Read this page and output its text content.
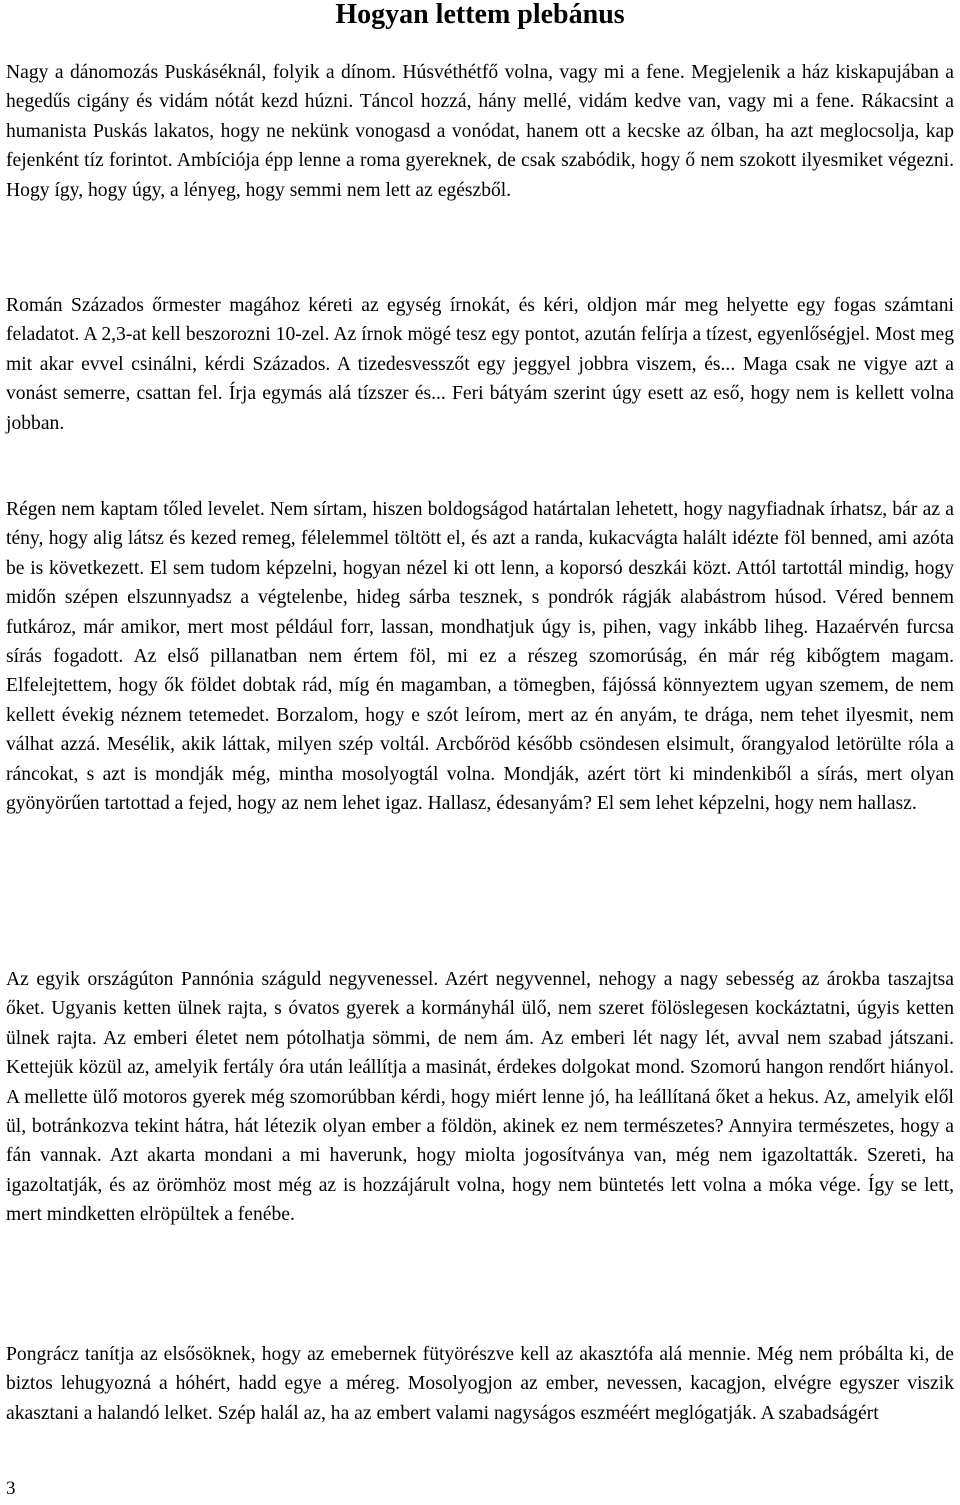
Hogyan lettem plebánus

Nagy a dánomozás Puskáséknál, folyik a dínom. Húsvéthétfő volna, vagy mi a fene. Megjelenik a ház kiskapujában a hegedűs cigány és vidám nótát kezd húzni. Táncol hozzá, hány mellé, vidám kedve van, vagy mi a fene. Rákacsint a humanista Puskás lakatos, hogy ne nekünk vonogasd a vonódat, hanem ott a kecske az ólban, ha azt meglocsolja, kap fejenként tíz forintot. Ambíciója épp lenne a roma gyereknek, de csak szabódik, hogy ő nem szokott ilyesmiket végezni. Hogy így, hogy úgy, a lényeg, hogy semmi nem lett az egészből.

Román Százados őrmester magához kéreti az egység írnokát, és kéri, oldjon már meg helyette egy fogas számtani feladatot. A 2,3-at kell beszorozni 10-zel. Az írnok mögé tesz egy pontot, azután felírja a tízest, egyenlőségjel. Most meg mit akar evvel csinálni, kérdi Százados. A tizedesvesszőt egy jeggyel jobbra viszem, és... Maga csak ne vigye azt a vonást semerre, csattan fel. Írja egymás alá tízszer és... Feri bátyám szerint úgy esett az eső, hogy nem is kellett volna jobban.

Régen nem kaptam tőled levelet. Nem sírtam, hiszen boldogságod határtalan lehetett, hogy nagyfiadnak írhatsz, bár az a tény, hogy alig látsz és kezed remeg, félelemmel töltött el, és azt a randa, kukacvágta halált idézte föl benned, ami azóta be is következett. El sem tudom képzelni, hogyan nézel ki ott lenn, a koporsó deszkái közt. Attól tartottál mindig, hogy midőn szépen elszunnyadsz a végtelenbe, hideg sárba tesznek, s pondrók rágják alabástrom húsod. Véred bennem futkároz, már amikor, mert most például forr, lassan, mondhatjuk úgy is, pihen, vagy inkább liheg. Hazaérvén furcsa sírás fogadott. Az első pillanatban nem értem föl, mi ez a részeg szomorúság, én már rég kibőgtem magam. Elfelejtettem, hogy ők földet dobtak rád, míg én magamban, a tömegben, fájóssá könnyeztem ugyan szemem, de nem kellett évekig néznem tetemedet. Borzalom, hogy e szót leírom, mert az én anyám, te drága, nem tehet ilyesmit, nem válhat azzá. Mesélik, akik láttak, milyen szép voltál. Arcbőröd később csöndesen elsimult, őrangyalod letörülte róla a ráncokat, s azt is mondják még, mintha mosolyogtál volna. Mondják, azért tört ki mindenkiből a sírás, mert olyan gyönyörűen tartottad a fejed, hogy az nem lehet igaz. Hallasz, édesanyám? El sem lehet képzelni, hogy nem hallasz.

Az egyik országúton Pannónia száguld negyvenessel. Azért negyvennel, nehogy a nagy sebesség az árokba taszajtsa őket. Ugyanis ketten ülnek rajta, s óvatos gyerek a kormányhál ülő, nem szeret fölöslegesen kockáztatni, úgyis ketten ülnek rajta. Az emberi életet nem pótolhatja sömmi, de nem ám. Az emberi lét nagy lét, avval nem szabad játszani. Kettejük közül az, amelyik fertály óra után leállítja a masinát, érdekes dolgokat mond. Szomorú hangon rendőrt hiányol. A mellette ülő motoros gyerek még szomorúbban kérdi, hogy miért lenne jó, ha leállítaná őket a hekus. Az, amelyik elől ül, botránkozva tekint hátra, hát létezik olyan ember a földön, akinek ez nem természetes? Annyira természetes, hogy a fán vannak. Azt akarta mondani a mi haverunk, hogy miolta jogosítványa van, még nem igazoltatták. Szereti, ha igazoltatják, és az örömhöz most még az is hozzájárult volna, hogy nem büntetés lett volna a móka vége. Így se lett, mert mindketten elröpültek a fenébe.

Pongrácz tanítja az elsősöknek, hogy az emebernek fütyörészve kell az akasztófa alá mennie. Még nem próbálta ki, de biztos lehugyozná a hóhért, hadd egye a méreg. Mosolyogjon az ember, nevessen, kacagjon, elvégre egyszer viszik akasztani a halandó lelket. Szép halál az, ha az embert valami nagyságos eszméért meglógatják. A szabadságért

3
